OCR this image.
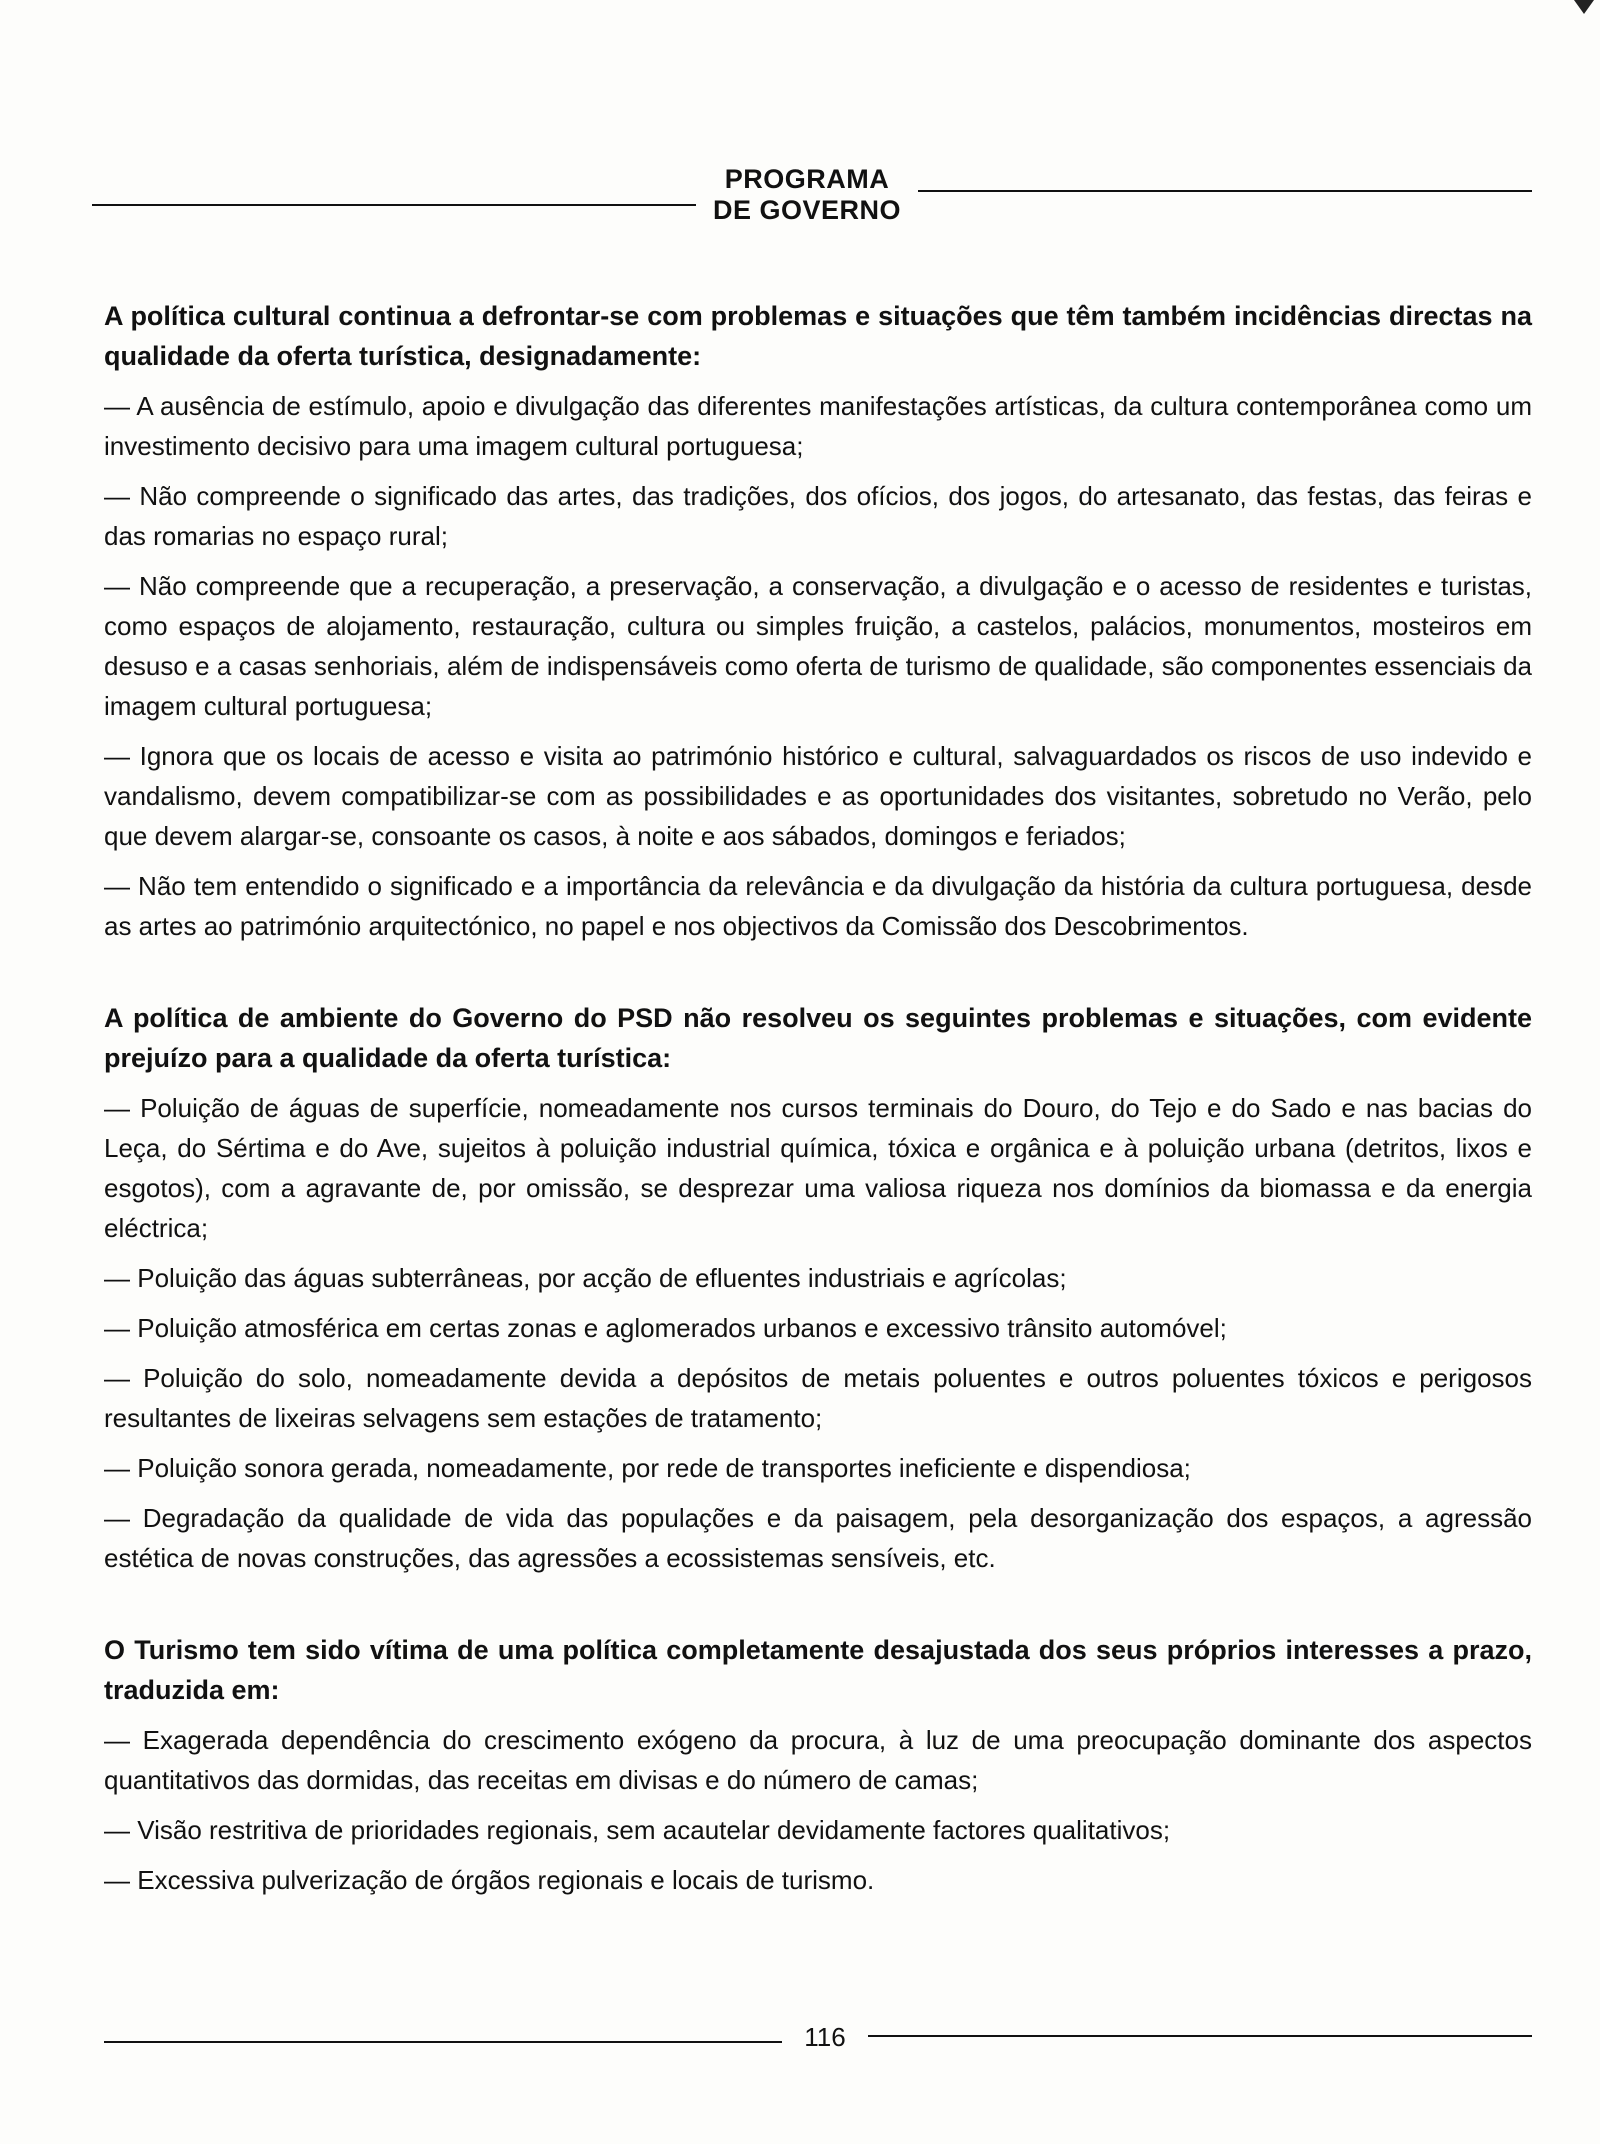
PROGRAMA
DE GOVERNO

A política cultural continua a defrontar-se com problemas e situações que têm também incidências directas na qualidade da oferta turística, designadamente:

— A ausência de estímulo, apoio e divulgação das diferentes manifestações artísticas, da cultura contemporânea como um investimento decisivo para uma imagem cultural portuguesa;

— Não compreende o significado das artes, das tradições, dos ofícios, dos jogos, do artesanato, das festas, das feiras e das romarias no espaço rural;

— Não compreende que a recuperação, a preservação, a conservação, a divulgação e o acesso de residentes e turistas, como espaços de alojamento, restauração, cultura ou simples fruição, a castelos, palácios, monumentos, mosteiros em desuso e a casas senhoriais, além de indispensáveis como oferta de turismo de qualidade, são componentes essenciais da imagem cultural portuguesa;

— Ignora que os locais de acesso e visita ao património histórico e cultural, salvaguardados os riscos de uso indevido e vandalismo, devem compatibilizar-se com as possibilidades e as oportunidades dos visitantes, sobretudo no Verão, pelo que devem alargar-se, consoante os casos, à noite e aos sábados, domingos e feriados;

— Não tem entendido o significado e a importância da relevância e da divulgação da história da cultura portuguesa, desde as artes ao património arquitectónico, no papel e nos objectivos da Comissão dos Descobrimentos.

A política de ambiente do Governo do PSD não resolveu os seguintes problemas e situações, com evidente prejuízo para a qualidade da oferta turística:

— Poluição de águas de superfície, nomeadamente nos cursos terminais do Douro, do Tejo e do Sado e nas bacias do Leça, do Sértima e do Ave, sujeitos à poluição industrial química, tóxica e orgânica e à poluição urbana (detritos, lixos e esgotos), com a agravante de, por omissão, se desprezar uma valiosa riqueza nos domínios da biomassa e da energia eléctrica;

— Poluição das águas subterrâneas, por acção de efluentes industriais e agrícolas;

— Poluição atmosférica em certas zonas e aglomerados urbanos e excessivo trânsito automóvel;

— Poluição do solo, nomeadamente devida a depósitos de metais poluentes e outros poluentes tóxicos e perigosos resultantes de lixeiras selvagens sem estações de tratamento;

— Poluição sonora gerada, nomeadamente, por rede de transportes ineficiente e dispendiosa;

— Degradação da qualidade de vida das populações e da paisagem, pela desorganização dos espaços, a agressão estética de novas construções, das agressões a ecossistemas sensíveis, etc.

O Turismo tem sido vítima de uma política completamente desajustada dos seus próprios interesses a prazo, traduzida em:

— Exagerada dependência do crescimento exógeno da procura, à luz de uma preocupação dominante dos aspectos quantitativos das dormidas, das receitas em divisas e do número de camas;

— Visão restritiva de prioridades regionais, sem acautelar devidamente factores qualitativos;

— Excessiva pulverização de órgãos regionais e locais de turismo.

116
